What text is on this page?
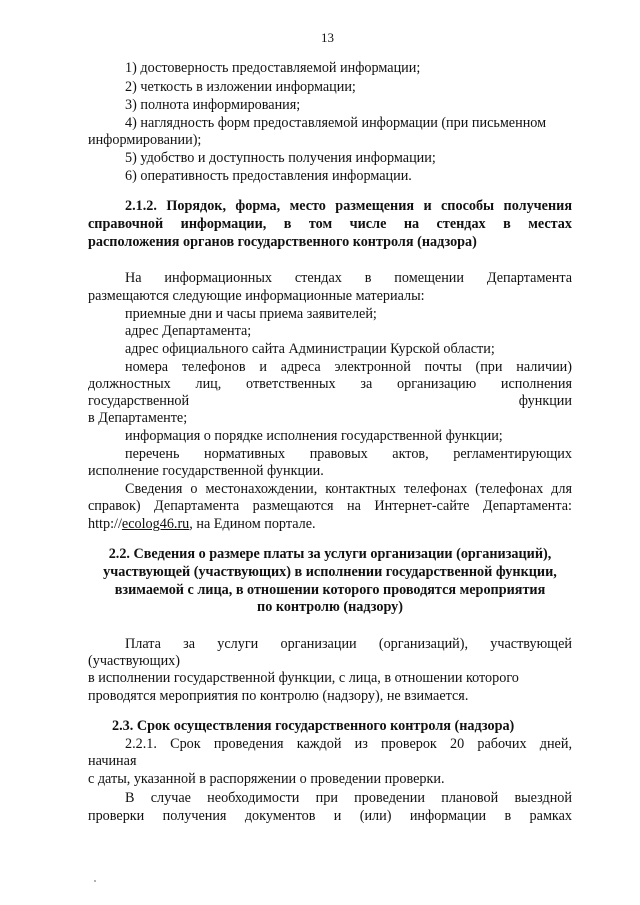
13
1) достоверность предоставляемой информации;
2) четкость в изложении информации;
3) полнота информирования;
4) наглядность форм предоставляемой информации (при письменном
информировании);
5) удобство и доступность получения информации;
6) оперативность предоставления информации.
2.1.2. Порядок, форма, место размещения и способы получения
справочной информации, в том числе на стендах в местах
расположения органов государственного контроля (надзора)
На информационных стендах в помещении Департамента
размещаются следующие информационные материалы:
приемные дни и часы приема заявителей;
адрес Департамента;
адрес официального сайта Администрации Курской области;
номера телефонов и адреса электронной почты (при наличии)
должностных лиц, ответственных за организацию исполнения
государственной	функции
в Департаменте;
информация о порядке исполнения государственной функции;
перечень нормативных правовых актов, регламентирующих
исполнение государственной функции.
Сведения о местонахождении, контактных телефонах (телефонах для
справок) Департамента размещаются на Интернет-сайте Департамента:
http://ecolog46.ru, на Едином портале.
2.2. Сведения о размере платы за услуги организации (организаций),
участвующей (участвующих) в исполнении государственной функции,
взимаемой с лица, в отношении которого проводятся мероприятия
по контролю (надзору)
Плата за услуги организации (организаций), участвующей
(участвующих)
в исполнении государственной функции, с лица, в отношении которого
проводятся мероприятия по контролю (надзору), не взимается.
2.3. Срок осуществления государственного контроля (надзора)
2.2.1. Срок проведения каждой из проверок 20 рабочих дней,
начиная
с даты, указанной в распоряжении о проведении проверки.
В случае необходимости при проведении плановой выездной
проверки получения документов и (или) информации в рамках
